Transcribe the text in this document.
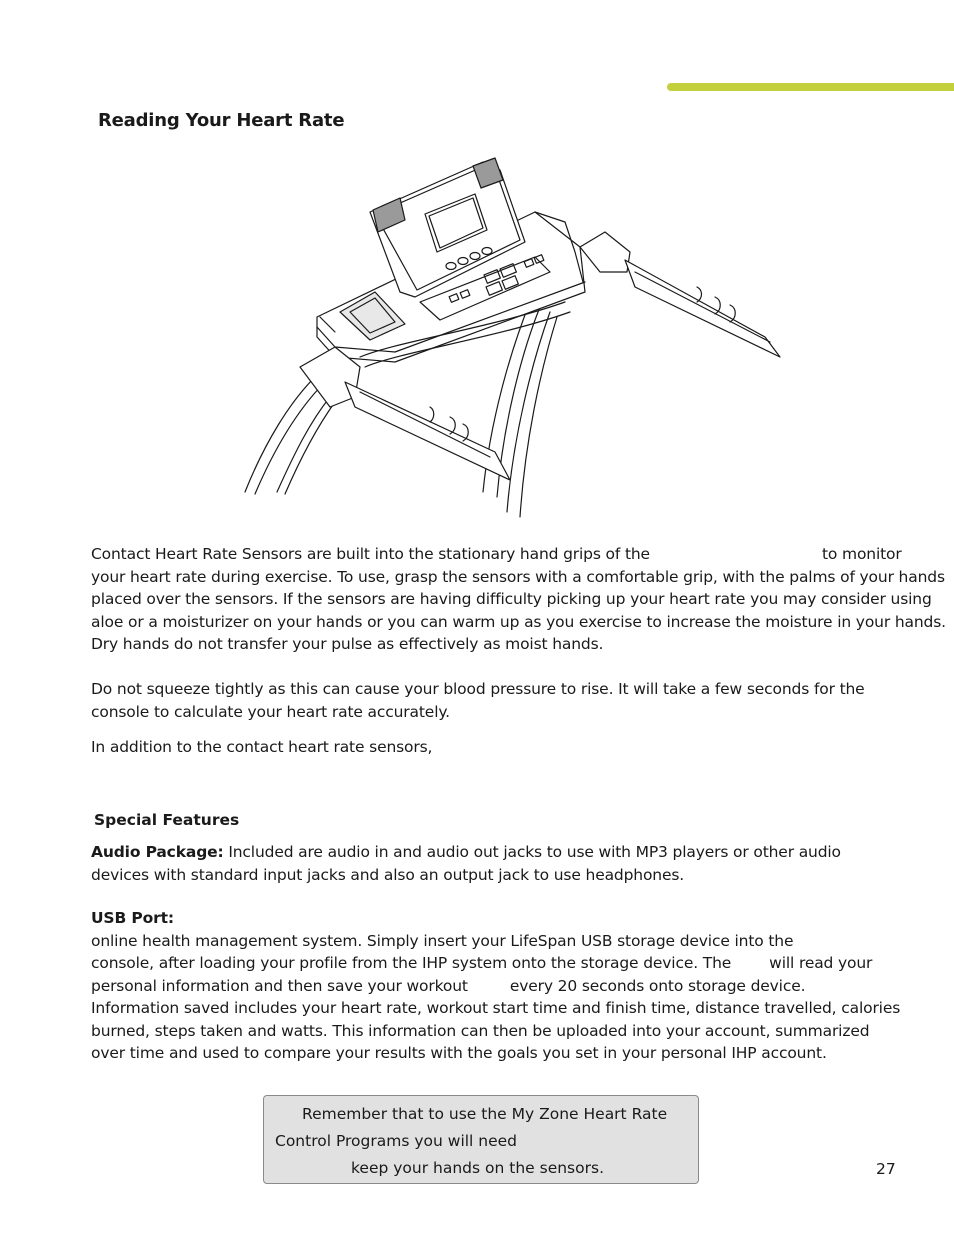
Reading Your Heart Rate

Contact Heart Rate Sensors are built into the stationary hand grips of the	to monitor
your heart rate during exercise. To use, grasp the sensors with a comfortable grip, with the palms of your hands
placed over the sensors. If the sensors are having difficulty picking up your heart rate you may consider using
aloe or a moisturizer on your hands or you can warm up as you exercise to increase the moisture in your hands.
Dry hands do not transfer your pulse as effectively as moist hands.

Do not squeeze tightly as this can cause your blood pressure to rise. It will take a few seconds for the
console to calculate your heart rate accurately.

In addition to the contact heart rate sensors,

Special Features

Audio Package: Included are audio in and audio out jacks to use with MP3 players or other audio
devices with standard input jacks and also an output jack to use headphones.

USB Port:
online health management system. Simply insert your LifeSpan USB storage device into the
console, after loading your profile from the IHP system onto the storage device. The will read your
personal information and then save your workout	every 20 seconds onto storage device.
Information saved includes your heart rate, workout start time and finish time, distance travelled, calories
burned, steps taken and watts. This information can then be uploaded into your account, summarized
over time and used to compare your results with the goals you set in your personal IHP account.

Remember that to use the My Zone Heart Rate
Control Programs you will need
keep your hands on the sensors.	27
